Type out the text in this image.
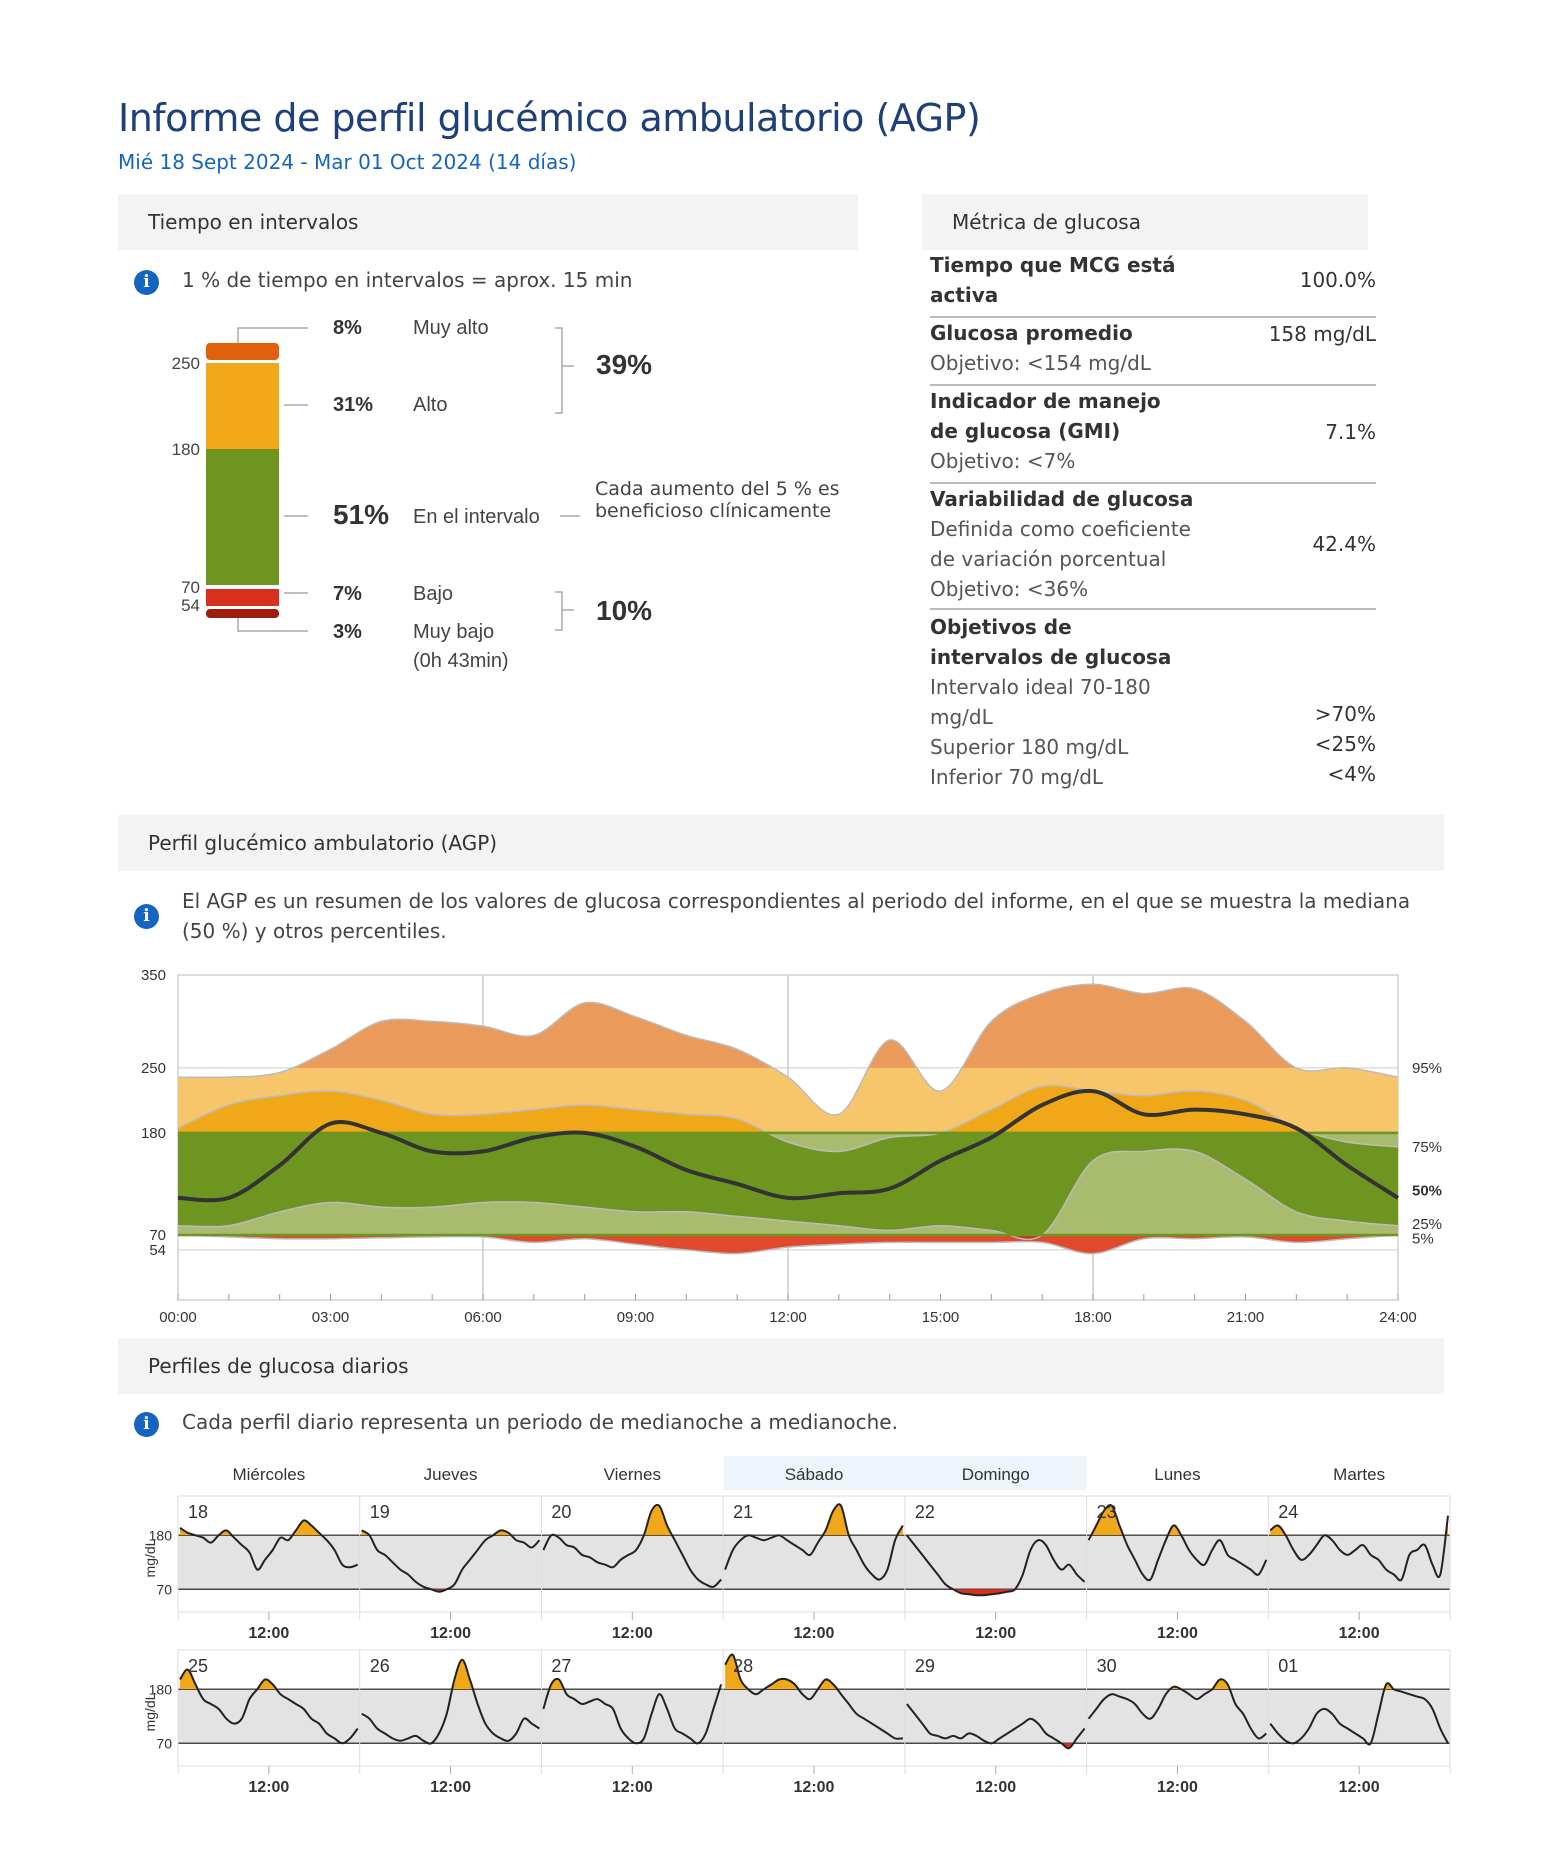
Informe de perfil glucémico ambulatorio (AGP)
Mié 18 Sept 2024 - Mar 01 Oct 2024 (14 días)
Tiempo en intervalos
i	1 % de tiempo en intervalos = aprox. 15 min
250
180
70
54
8%	Muy alto
31% Alto
51% En el intervalo
7%	Bajo
3%	Muy bajo
(0h 43min)
39%
10%
Cada aumento del 5 % es beneficioso clínicamente
Métrica de glucosa
Tiempo que MCG está activa
100.0%
Glucosa promedio
Objetivo: <154 mg/dL
158 mg/dL
Indicador de manejo de glucosa (GMI)
Objetivo: <7%
7.1%
Variabilidad de glucosa
Definida como coeficiente de variación porcentual
Objetivo: <36%
42.4%
Objetivos de intervalos de glucosa
Intervalo ideal 70-180 mg/dL	>70%
Superior 180 mg/dL	<25%
Inferior 70 mg/dL	<4%
Perfil glucémico ambulatorio (AGP)
i
El AGP es un resumen de los valores de glucosa correspondientes al periodo del informe, en el que se muestra la mediana (50 %) y otros percentiles.
350
250
180
70
54
00:00	03:00	06:00	09:00	12:00	15:00	18:00	21:00	24:00
95%
75%
50%
25%
5%
Perfiles de glucosa diarios
i	Cada perfil diario representa un periodo de medianoche a medianoche.
Miércoles	Jueves	Viernes	Sábado	Domingo	Lunes	Martes
180
70
mg/dL
18
12:00
19
12:00
20
12:00
21
12:00
22
12:00
23
12:00
24
12:00
180
70
mg/dL
25
12:00
26
12:00
27
12:00
28
12:00
29
12:00
30
12:00
01
12:00
